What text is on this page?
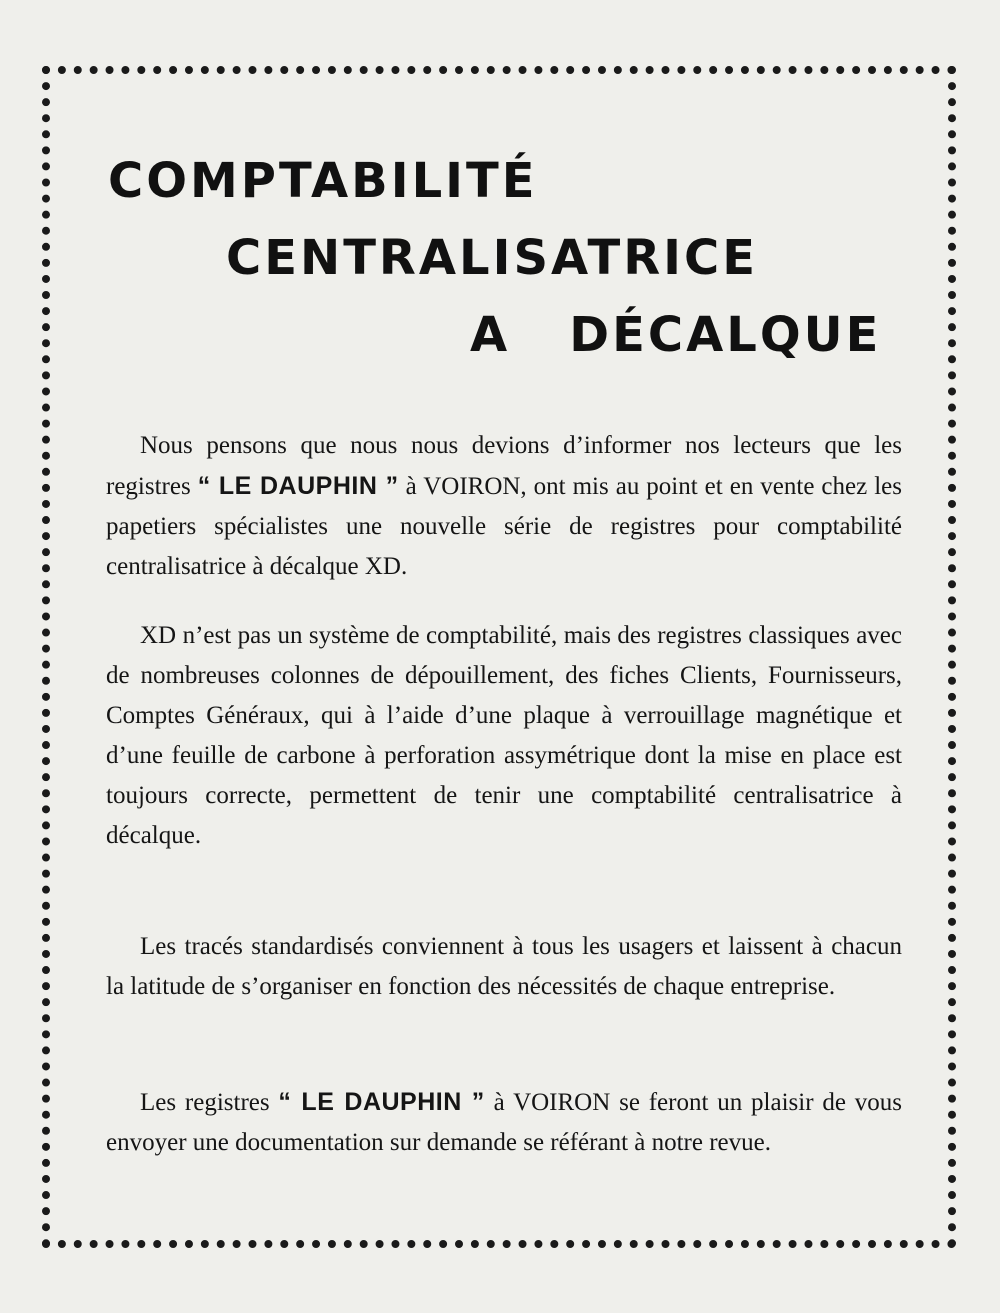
COMPTABILITÉ
CENTRALISATRICE
A   DÉCALQUE

Nous pensons que nous nous devions d’informer nos lecteurs que les registres “ LE DAUPHIN ” à VOIRON, ont mis au point et en vente chez les papetiers spécialistes une nouvelle série de registres pour comptabilité centralisatrice à décalque XD.

XD n’est pas un système de comptabilité, mais des registres classiques avec de nombreuses colonnes de dépouillement, des fiches Clients, Fournisseurs, Comptes Généraux, qui à l’aide d’une plaque à verrouillage magnétique et d’une feuille de carbone à perforation assymétrique dont la mise en place est toujours correcte, permettent de tenir une comptabilité centralisatrice à décalque.

Les tracés standardisés conviennent à tous les usagers et laissent à chacun la latitude de s’organiser en fonction des nécessités de chaque entreprise.

Les registres “ LE DAUPHIN ” à VOIRON se feront un plaisir de vous envoyer une documentation sur demande se référant à notre revue.
